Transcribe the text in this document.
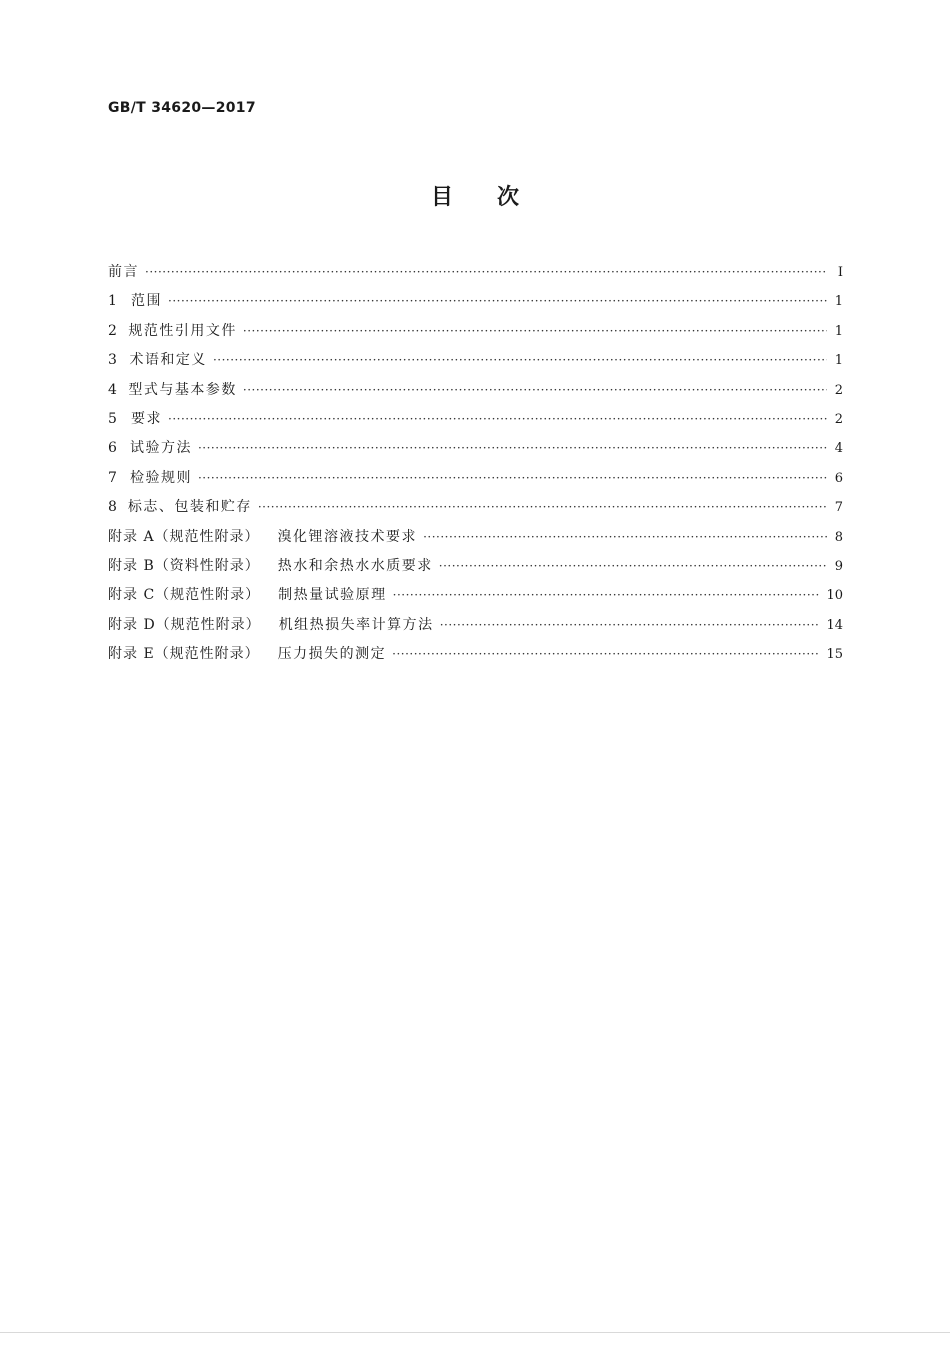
GB/T 34620—2017
目次
前言 ·····	Ⅰ
1	范围 ·····	1
2 规范性引用文件 ·····	1
3 术语和定义 ·····	1
4 型式与基本参数 ·····	2
5	要求 ·····	2
6 试验方法 ·····	4
7 检验规则 ·····	6
8 标志、包装和贮存 ·····	7
附录 A（规范性附录） 溴化锂溶液技术要求 ·····	8
附录 B（资料性附录） 热水和余热水水质要求 ·····	9
附录 C（规范性附录） 制热量试验原理 ·····	10
附录 D（规范性附录） 机组热损失率计算方法 ·····	14
附录 E（规范性附录） 压力损失的测定 ·····	15
